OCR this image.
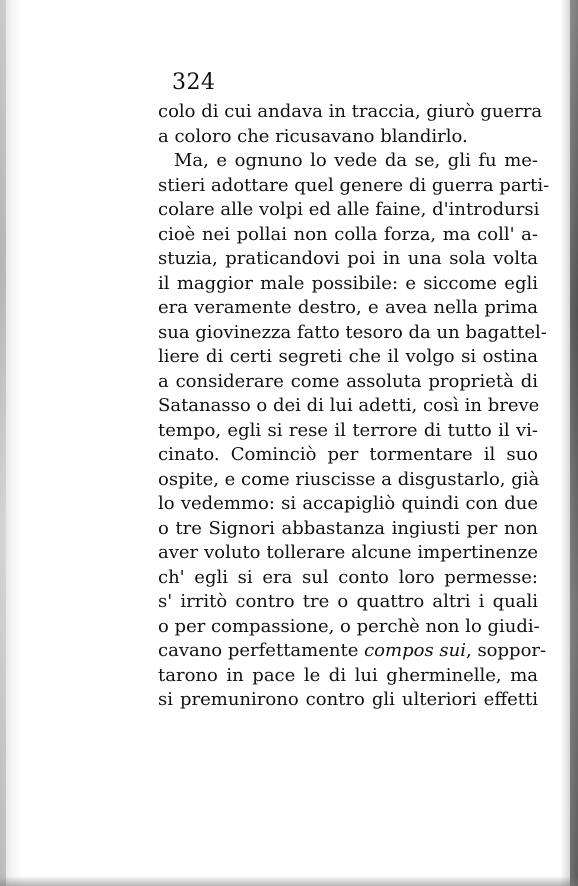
324
colo di cui andava in traccia, giurò guerra
a coloro che ricusavano blandirlo.
Ma, e ognuno lo vede da se, gli fu me-
stieri adottare quel genere di guerra parti-
colare alle volpi ed alle faine, d'introdursi
cioè nei pollai non colla forza, ma coll' a-
stuzia, praticandovi poi in una sola volta
il maggior male possibile: e siccome egli
era veramente destro, e avea nella prima
sua giovinezza fatto tesoro da un bagattel-
liere di certi segreti che il volgo si ostina
a considerare come assoluta proprietà di
Satanasso o dei di lui adetti, così in breve
tempo, egli si rese il terrore di tutto il vi-
cinato. Cominciò per tormentare il suo
ospite, e come riuscisse a disgustarlo, già
lo vedemmo: si accapigliò quindi con due
o tre Signori abbastanza ingiusti per non
aver voluto tollerare alcune impertinenze
ch' egli si era sul conto loro permesse:
s' irritò contro tre o quattro altri i quali
o per compassione, o perchè non lo giudi-
cavano perfettamente compos sui, soppor-
tarono in pace le di lui gherminelle, ma
si premunirono contro gli ulteriori effetti
